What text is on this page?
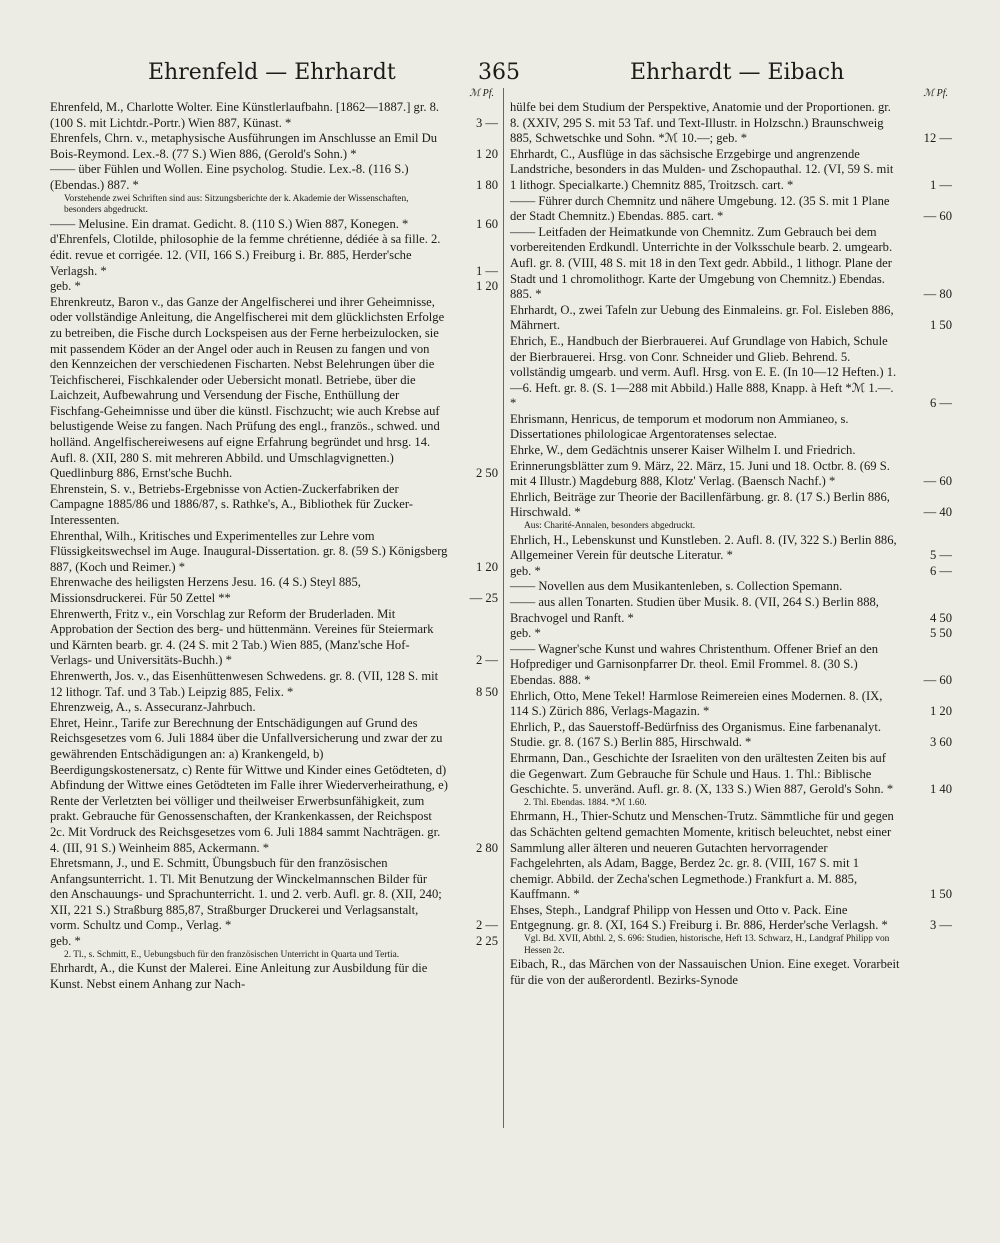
Ehrenfeld — Ehrhardt	365	Ehrhardt — Eibach
ℳ Pf.
Ehrenfeld, M., Charlotte Wolter. Eine Künstlerlaufbahn. [1862—1887.] gr. 8. (100 S. mit Lichtdr.-Portr.) Wien 887, Künast. *	3 —
Ehrenfels, Chrn. v., metaphysische Ausführungen im Anschlusse an Emil Du Bois-Reymond. Lex.-8. (77 S.) Wien 886, (Gerold's Sohn.) *	1 20
—— über Fühlen und Wollen. Eine psycholog. Studie. Lex.-8. (116 S.) (Ebendas.) 887. *	1 80
Vorstehende zwei Schriften sind aus: Sitzungsberichte der k. Akademie der Wissenschaften, besonders abgedruckt.
—— Melusine. Ein dramat. Gedicht. 8. (110 S.) Wien 887, Konegen. *	1 60
d'Ehrenfels, Clotilde, philosophie de la femme chrétienne, dédiée à sa fille. 2. édit. revue et corrigée. 12. (VII, 166 S.) Freiburg i. Br. 885, Herder'sche Verlagsh. *	1 —
geb. *	1 20
Ehrenkreutz, Baron v., das Ganze der Angelfischerei und ihrer Geheimnisse, oder vollständige Anleitung, die Angelfischerei mit dem glücklichsten Erfolge zu betreiben, die Fische durch Lockspeisen aus der Ferne herbeizulocken, sie mit passendem Köder an der Angel oder auch in Reusen zu fangen und von den Kennzeichen der verschiedenen Fischarten. Nebst Belehrungen über die Teichfischerei, Fischkalender oder Uebersicht monatl. Betriebe, über die Laichzeit, Aufbewahrung und Versendung der Fische, Enthüllung der Fischfang-Geheimnisse und über die künstl. Fischzucht; wie auch Krebse auf belustigende Weise zu fangen. Nach Prüfung des engl., französ., schwed. und holländ. Angelfischereiwesens auf eigne Erfahrung begründet und hrsg. 14. Aufl. 8. (XII, 280 S. mit mehreren Abbild. und Umschlagvignetten.) Quedlinburg 886, Ernst'sche Buchh.	2 50
Ehrenstein, S. v., Betriebs-Ergebnisse von Actien-Zuckerfabriken der Campagne 1885/86 und 1886/87, s. Rathke's, A., Bibliothek für Zucker-Interessenten.
Ehrenthal, Wilh., Kritisches und Experimentelles zur Lehre vom Flüssigkeitswechsel im Auge. Inaugural-Dissertation. gr. 8. (59 S.) Königsberg 887, (Koch und Reimer.) *	1 20
Ehrenwache des heiligsten Herzens Jesu. 16. (4 S.) Steyl 885, Missionsdruckerei. Für 50 Zettel **	— 25
Ehrenwerth, Fritz v., ein Vorschlag zur Reform der Bruderladen. Mit Approbation der Section des berg- und hüttenmänn. Vereines für Steiermark und Kärnten bearb. gr. 4. (24 S. mit 2 Tab.) Wien 885, (Manz'sche Hof-Verlags- und Universitäts-Buchh.) *	2 —
Ehrenwerth, Jos. v., das Eisenhüttenwesen Schwedens. gr. 8. (VII, 128 S. mit 12 lithogr. Taf. und 3 Tab.) Leipzig 885, Felix. *	8 50
Ehrenzweig, A., s. Assecuranz-Jahrbuch.
Ehret, Heinr., Tarife zur Berechnung der Entschädigungen auf Grund des Reichsgesetzes vom 6. Juli 1884 über die Unfallversicherung und zwar der zu gewährenden Entschädigungen an: a) Krankengeld, b) Beerdigungskostenersatz, c) Rente für Wittwe und Kinder eines Getödteten, d) Abfindung der Wittwe eines Getödteten im Falle ihrer Wiederverheirathung, e) Rente der Verletzten bei völliger und theilweiser Erwerbsunfähigkeit, zum prakt. Gebrauche für Genossenschaften, der Krankenkassen, der Reichspost 2c. Mit Vordruck des Reichsgesetzes vom 6. Juli 1884 sammt Nachträgen. gr. 4. (III, 91 S.) Weinheim 885, Ackermann. *	2 80
Ehretsmann, J., und E. Schmitt, Übungsbuch für den französischen Anfangsunterricht. 1. Tl. Mit Benutzung der Winckelmannschen Bilder für den Anschauungs- und Sprachunterricht. 1. und 2. verb. Aufl. gr. 8. (XII, 240; XII, 221 S.) Straßburg 885,87, Straßburger Druckerei und Verlagsanstalt, vorm. Schultz und Comp., Verlag. *	2 —
geb. *	2 25
2. Tl., s. Schmitt, E., Uebungsbuch für den französischen Unterricht in Quarta und Tertia.
Ehrhardt, A., die Kunst der Malerei. Eine Anleitung zur Ausbildung für die Kunst. Nebst einem Anhang zur Nach-
ℳ Pf.
hülfe bei dem Studium der Perspektive, Anatomie und der Proportionen. gr. 8. (XXIV, 295 S. mit 53 Taf. und Text-Illustr. in Holzschn.) Braunschweig 885, Schwetschke und Sohn. *ℳ 10.—; geb. *	12 —
Ehrhardt, C., Ausflüge in das sächsische Erzgebirge und angrenzende Landstriche, besonders in das Mulden- und Zschopauthal. 12. (VI, 59 S. mit 1 lithogr. Specialkarte.) Chemnitz 885, Troitzsch. cart. *	1 —
—— Führer durch Chemnitz und nähere Umgebung. 12. (35 S. mit 1 Plane der Stadt Chemnitz.) Ebendas. 885. cart. *	— 60
—— Leitfaden der Heimatkunde von Chemnitz. Zum Gebrauch bei dem vorbereitenden Erdkundl. Unterrichte in der Volksschule bearb. 2. umgearb. Aufl. gr. 8. (VIII, 48 S. mit 18 in den Text gedr. Abbild., 1 lithogr. Plane der Stadt und 1 chromolithogr. Karte der Umgebung von Chemnitz.) Ebendas. 885. *	— 80
Ehrhardt, O., zwei Tafeln zur Uebung des Einmaleins. gr. Fol. Eisleben 886, Mährnert.	1 50
Ehrich, E., Handbuch der Bierbrauerei. Auf Grundlage von Habich, Schule der Bierbrauerei. Hrsg. von Conr. Schneider und Glieb. Behrend. 5. vollständig umgearb. und verm. Aufl. Hrsg. von E. E. (In 10—12 Heften.) 1.—6. Heft. gr. 8. (S. 1—288 mit Abbild.) Halle 888, Knapp. à Heft *ℳ 1.—. *	6 —
Ehrismann, Henricus, de temporum et modorum non Ammianeo, s. Dissertationes philologicae Argentoratenses selectae.
Ehrke, W., dem Gedächtnis unserer Kaiser Wilhelm I. und Friedrich. Erinnerungsblätter zum 9. März, 22. März, 15. Juni und 18. Octbr. 8. (69 S. mit 4 Illustr.) Magdeburg 888, Klotz' Verlag. (Baensch Nachf.) *	— 60
Ehrlich, Beiträge zur Theorie der Bacillenfärbung. gr. 8. (17 S.) Berlin 886, Hirschwald. *	— 40
Aus: Charité-Annalen, besonders abgedruckt.
Ehrlich, H., Lebenskunst und Kunstleben. 2. Aufl. 8. (IV, 322 S.) Berlin 886, Allgemeiner Verein für deutsche Literatur. *	5 —
geb. *	6 —
—— Novellen aus dem Musikantenleben, s. Collection Spemann.
—— aus allen Tonarten. Studien über Musik. 8. (VII, 264 S.) Berlin 888, Brachvogel und Ranft. *	4 50
geb. *	5 50
—— Wagner'sche Kunst und wahres Christenthum. Offener Brief an den Hofprediger und Garnisonpfarrer Dr. theol. Emil Frommel. 8. (30 S.) Ebendas. 888. *	— 60
Ehrlich, Otto, Mene Tekel! Harmlose Reimereien eines Modernen. 8. (IX, 114 S.) Zürich 886, Verlags-Magazin. *	1 20
Ehrlich, P., das Sauerstoff-Bedürfniss des Organismus. Eine farbenanalyt. Studie. gr. 8. (167 S.) Berlin 885, Hirschwald. *	3 60
Ehrmann, Dan., Geschichte der Israeliten von den urältesten Zeiten bis auf die Gegenwart. Zum Gebrauche für Schule und Haus. 1. Thl.: Biblische Geschichte. 5. unveränd. Aufl. gr. 8. (X, 133 S.) Wien 887, Gerold's Sohn. *	1 40
2. Thl. Ebendas. 1884. *ℳ 1.60.
Ehrmann, H., Thier-Schutz und Menschen-Trutz. Sämmtliche für und gegen das Schächten geltend gemachten Momente, kritisch beleuchtet, nebst einer Sammlung aller älteren und neueren Gutachten hervorragender Fachgelehrten, als Adam, Bagge, Berdez 2c. gr. 8. (VIII, 167 S. mit 1 chemigr. Abbild. der Zecha'schen Legmethode.) Frankfurt a. M. 885, Kauffmann. *	1 50
Ehses, Steph., Landgraf Philipp von Hessen und Otto v. Pack. Eine Entgegnung. gr. 8. (XI, 164 S.) Freiburg i. Br. 886, Herder'sche Verlagsh. *	3 —
Vgl. Bd. XVII, Abthl. 2, S. 696: Studien, historische, Heft 13. Schwarz, H., Landgraf Philipp von Hessen 2c.
Eibach, R., das Märchen von der Nassauischen Union. Eine exeget. Vorarbeit für die von der außerordentl. Bezirks-Synode
